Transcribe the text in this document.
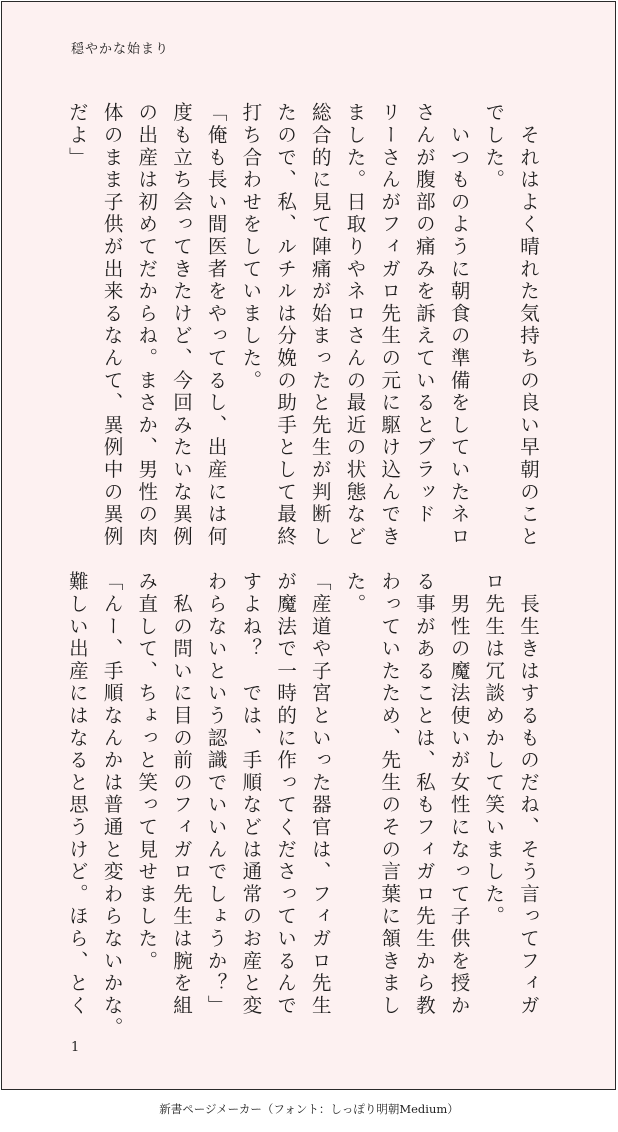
穏やかな始まり

　それはよく晴れた気持ちの良い早朝のこと

でした。

　いつものように朝食の準備をしていたネロ

さんが腹部の痛みを訴えているとブラッド

リーさんがフィガロ先生の元に駆け込んでき

ました。日取りやネロさんの最近の状態など

総合的に見て陣痛が始まったと先生が判断し

たので、私、ルチルは分娩の助手として最終

打ち合わせをしていました。

「俺も長い間医者をやってるし、出産には何

度も立ち会ってきたけど、今回みたいな異例

の出産は初めてだからね。まさか、男性の肉

体のまま子供が出来るなんて、異例中の異例

だよ」

　長生きはするものだね、そう言ってフィガ

ロ先生は冗談めかして笑いました。

　男性の魔法使いが女性になって子供を授か

る事があることは、私もフィガロ先生から教

わっていたため、先生のその言葉に頷きまし

た。

「産道や子宮といった器官は、フィガロ先生

が魔法で一時的に作ってくださっているんで

すよね？　では、手順などは通常のお産と変

わらないという認識でいいんでしょうか？」

　私の問いに目の前のフィガロ先生は腕を組

み直して、ちょっと笑って見せました。

「んー、手順なんかは普通と変わらないかな。

難しい出産にはなると思うけど。ほら、とく

1
新書ページメーカー（フォント：しっぽり明朝Medium）
